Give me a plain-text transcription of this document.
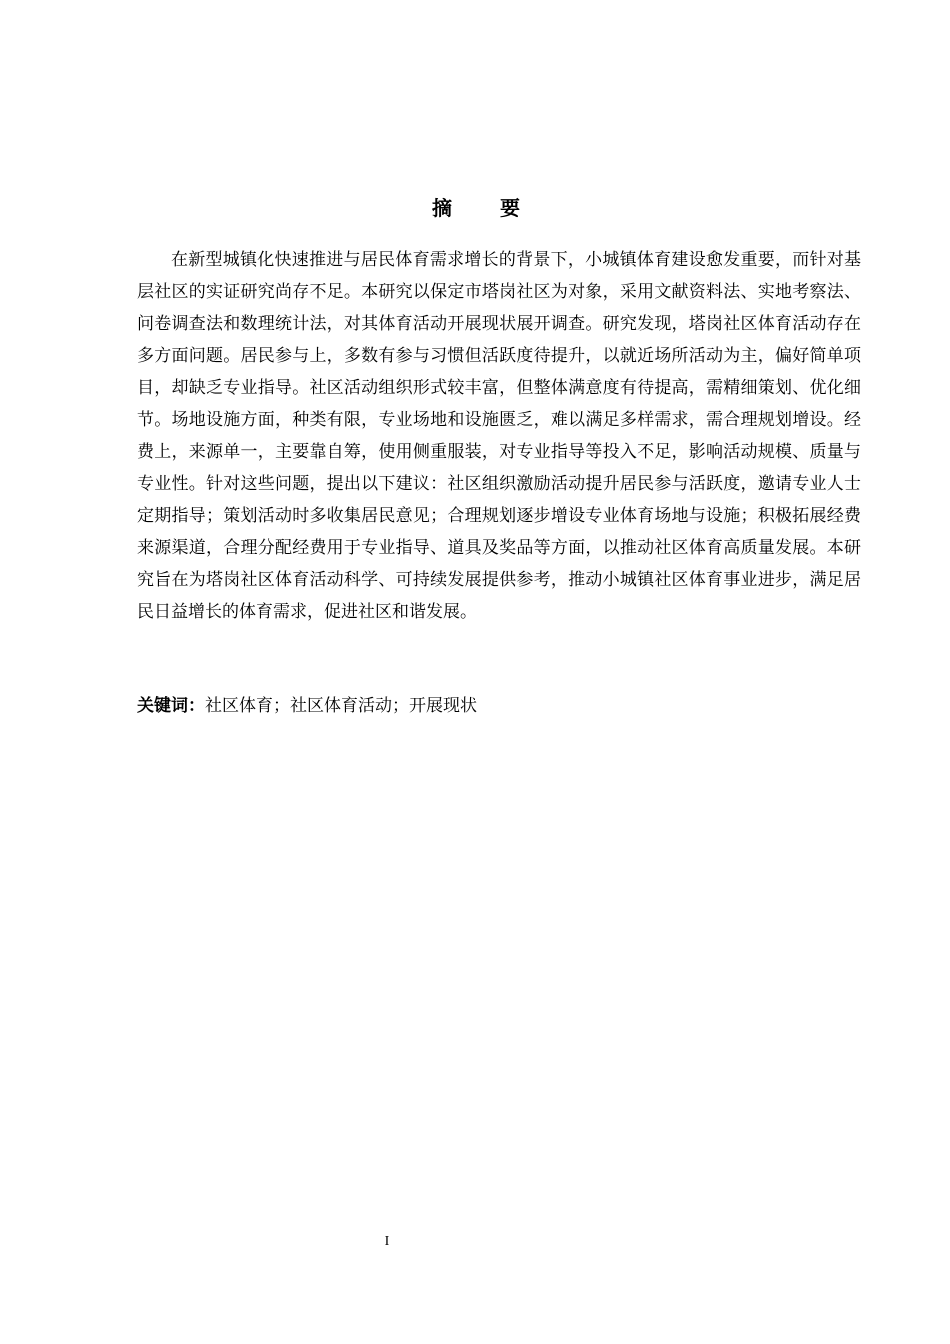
摘要

在新型城镇化快速推进与居民体育需求增长的背景下，小城镇体育建设愈发重要，而针对基层社区的实证研究尚存不足。本研究以保定市塔岗社区为对象，采用文献资料法、实地考察法、问卷调查法和数理统计法，对其体育活动开展现状展开调查。研究发现，塔岗社区体育活动存在多方面问题。居民参与上，多数有参与习惯但活跃度待提升，以就近场所活动为主，偏好简单项目，却缺乏专业指导。社区活动组织形式较丰富，但整体满意度有待提高，需精细策划、优化细节。场地设施方面，种类有限，专业场地和设施匮乏，难以满足多样需求，需合理规划增设。经费上，来源单一，主要靠自筹，使用侧重服装，对专业指导等投入不足，影响活动规模、质量与专业性。针对这些问题，提出以下建议：社区组织激励活动提升居民参与活跃度，邀请专业人士定期指导；策划活动时多收集居民意见；合理规划逐步增设专业体育场地与设施；积极拓展经费来源渠道，合理分配经费用于专业指导、道具及奖品等方面，以推动社区体育高质量发展。本研究旨在为塔岗社区体育活动科学、可持续发展提供参考，推动小城镇社区体育事业进步，满足居民日益增长的体育需求，促进社区和谐发展。

关键词：社区体育；社区体育活动；开展现状

I
